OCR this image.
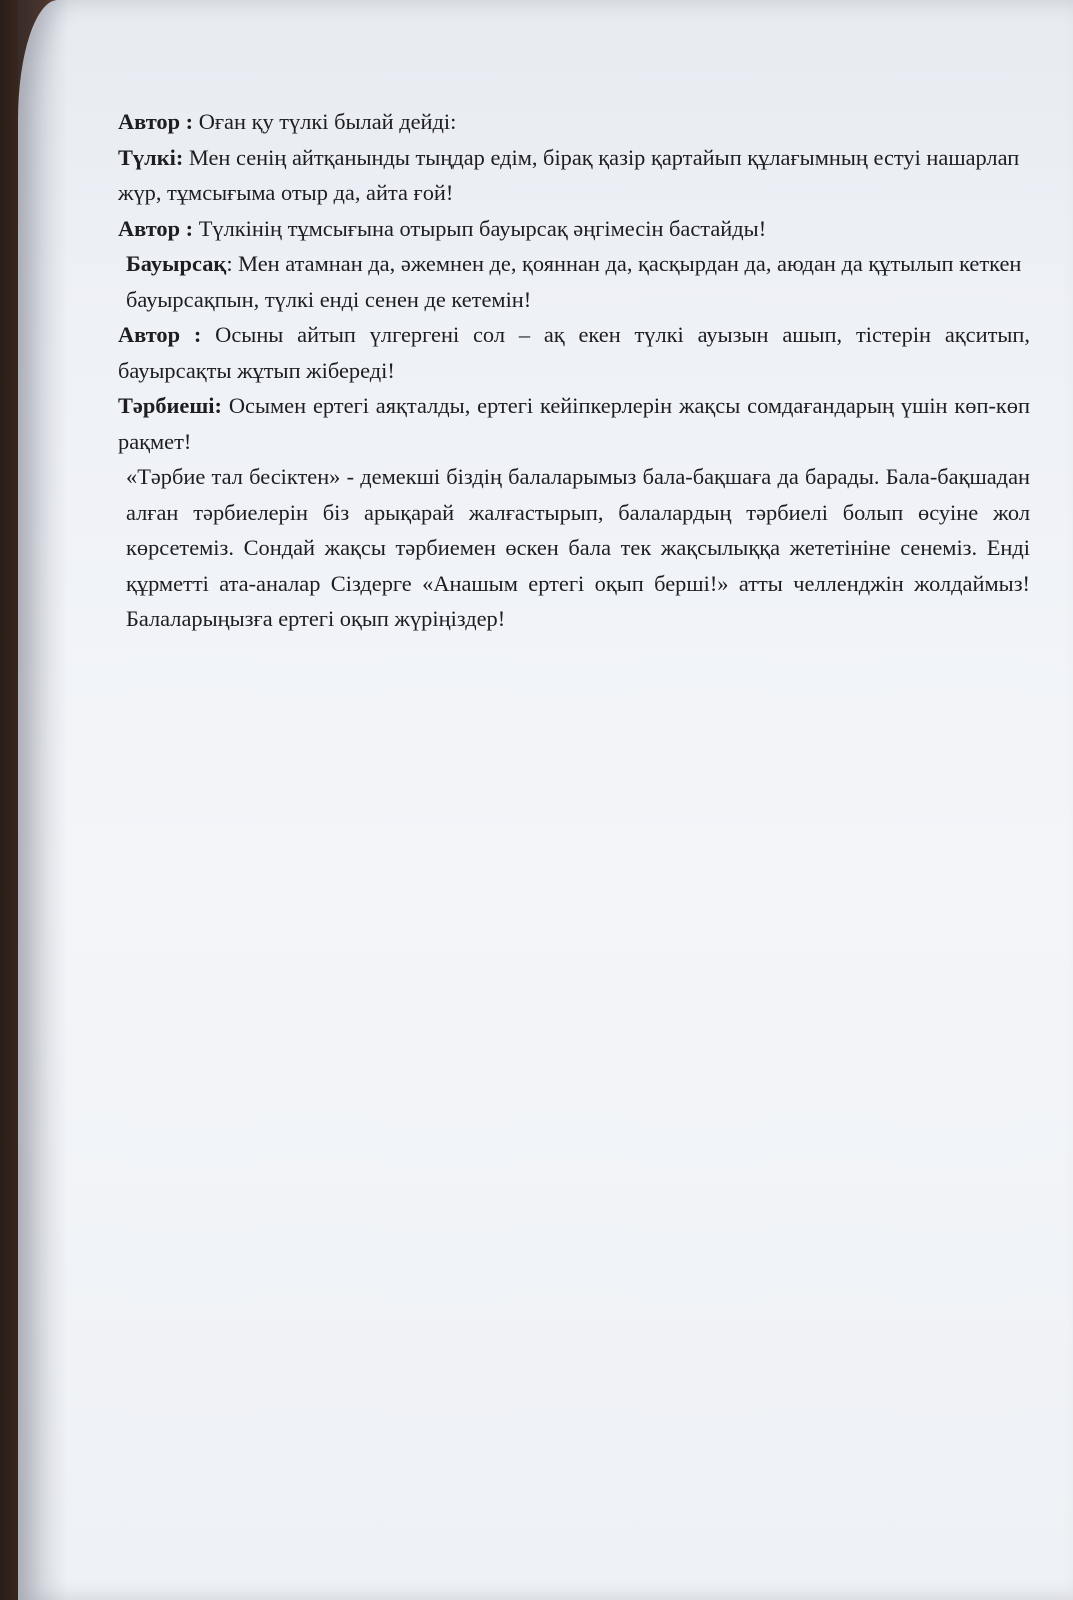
Автор : Оған қу түлкі былай дейді:

Түлкі: Мен сенің айтқанынды тыңдар едім, бірақ қазір қартайып құлағымның естуі нашарлап жүр, тұмсығыма отыр да, айта ғой!

Автор : Түлкінің тұмсығына отырып бауырсақ әңгімесін бастайды!

Бауырсақ: Мен атамнан да, әжемнен де, қояннан да, қасқырдан да, аюдан да құтылып кеткен бауырсақпын, түлкі енді сенен де кетемін!

Автор : Осыны айтып үлгергені сол – ақ екен түлкі ауызын ашып, тістерін ақситып, бауырсақты жұтып жібереді!

Тәрбиеші: Осымен ертегі аяқталды, ертегі кейіпкерлерін жақсы сомдағандарың үшін көп-көп рақмет!

«Тәрбие тал бесіктен» - демекші біздің балаларымыз бала-бақшаға да барады. Бала-бақшадан алған тәрбиелерін біз арықарай жалғастырып, балалардың тәрбиелі болып өсуіне жол көрсетеміз. Сондай жақсы тәрбиемен өскен бала тек жақсылыққа жететініне сенеміз. Енді құрметті ата-аналар Сіздерге «Анашым ертегі оқып берші!» атты челленджін жолдаймыз! Балаларыңызға ертегі оқып жүріңіздер!
